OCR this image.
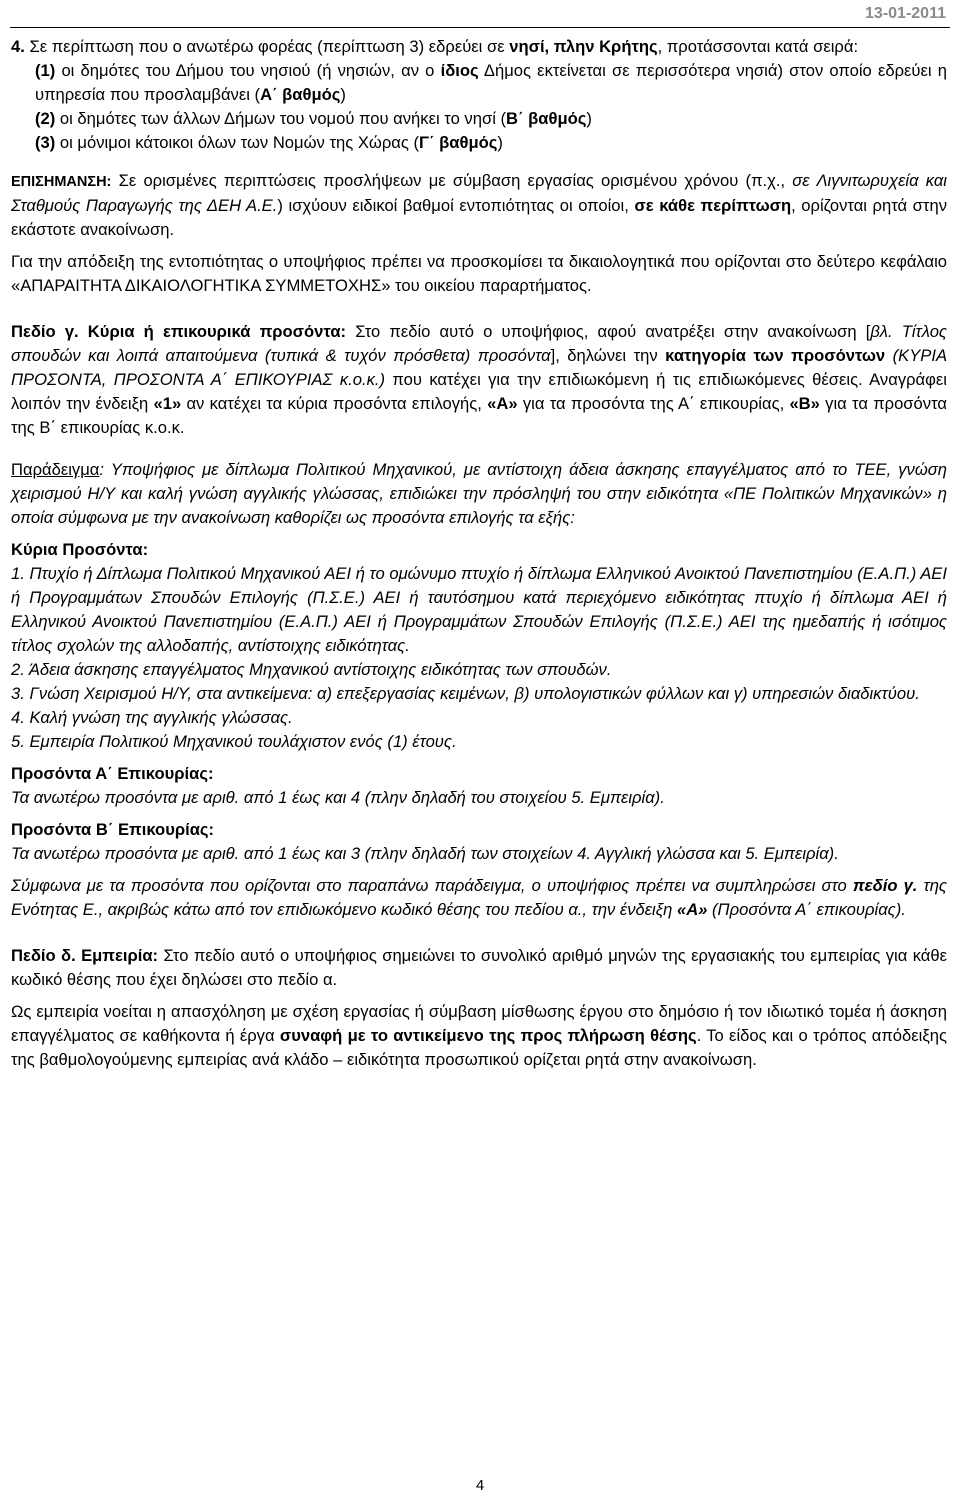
13-01-2011

4. Σε περίπτωση που ο ανωτέρω φορέας (περίπτωση 3) εδρεύει σε νησί, πλην Κρήτης, προτάσσονται κατά σειρά:

(1) οι δημότες του Δήμου του νησιού (ή νησιών, αν ο ίδιος Δήμος εκτείνεται σε περισσότερα νησιά) στον οποίο εδρεύει η υπηρεσία που προσλαμβάνει (Α΄ βαθμός)

(2) οι δημότες των άλλων Δήμων του νομού που ανήκει το νησί (Β΄ βαθμός)

(3) οι μόνιμοι κάτοικοι όλων των Νομών της Χώρας (Γ΄ βαθμός)

ΕΠΙΣΗΜΑΝΣΗ: Σε ορισμένες περιπτώσεις προσλήψεων με σύμβαση εργασίας ορισμένου χρόνου (π.χ., σε Λιγνιτωρυχεία και Σταθμούς Παραγωγής της ΔΕΗ Α.Ε.) ισχύουν ειδικοί βαθμοί εντοπιότητας οι οποίοι, σε κάθε περίπτωση, ορίζονται ρητά στην εκάστοτε ανακοίνωση.

Για την απόδειξη της εντοπιότητας ο υποψήφιος πρέπει να προσκομίσει τα δικαιολογητικά που ορίζονται στο δεύτερο κεφάλαιο «ΑΠΑΡΑΙΤΗΤΑ ΔΙΚΑΙΟΛΟΓΗΤΙΚΑ ΣΥΜΜΕΤΟΧΗΣ» του οικείου παραρτήματος.

Πεδίο γ. Κύρια ή επικουρικά προσόντα: Στο πεδίο αυτό ο υποψήφιος, αφού ανατρέξει στην ανακοίνωση [βλ. Τίτλος σπουδών και λοιπά απαιτούμενα (τυπικά & τυχόν πρόσθετα) προσόντα], δηλώνει την κατηγορία των προσόντων (ΚΥΡΙΑ ΠΡΟΣΟΝΤΑ, ΠΡΟΣΟΝΤΑ Α΄ ΕΠΙΚΟΥΡΙΑΣ κ.ο.κ.) που κατέχει για την επιδιωκόμενη ή τις επιδιωκόμενες θέσεις. Αναγράφει λοιπόν την ένδειξη «1» αν κατέχει τα κύρια προσόντα επιλογής, «Α» για τα προσόντα της Α΄ επικουρίας, «Β» για τα προσόντα της Β΄ επικουρίας κ.ο.κ.

Παράδειγμα: Υποψήφιος με δίπλωμα Πολιτικού Μηχανικού, με αντίστοιχη άδεια άσκησης επαγγέλματος από το ΤΕΕ, γνώση χειρισμού Η/Υ και καλή γνώση αγγλικής γλώσσας, επιδιώκει την πρόσληψή του στην ειδικότητα «ΠΕ Πολιτικών Μηχανικών» η οποία σύμφωνα με την ανακοίνωση καθορίζει ως προσόντα επιλογής τα εξής:

Κύρια Προσόντα:

1. Πτυχίο ή Δίπλωμα Πολιτικού Μηχανικού ΑΕΙ ή το ομώνυμο πτυχίο ή δίπλωμα Ελληνικού Ανοικτού Πανεπιστημίου (Ε.Α.Π.) ΑΕΙ ή Προγραμμάτων Σπουδών Επιλογής (Π.Σ.Ε.) ΑΕΙ ή ταυτόσημου κατά περιεχόμενο ειδικότητας πτυχίο ή δίπλωμα ΑΕΙ ή Ελληνικού Ανοικτού Πανεπιστημίου (Ε.Α.Π.) ΑΕΙ ή Προγραμμάτων Σπουδών Επιλογής (Π.Σ.Ε.) ΑΕΙ της ημεδαπής ή ισότιμος τίτλος σχολών της αλλοδαπής, αντίστοιχης ειδικότητας.

2. Άδεια άσκησης επαγγέλματος Μηχανικού αντίστοιχης ειδικότητας των σπουδών.

3. Γνώση Χειρισμού Η/Υ, στα αντικείμενα: α) επεξεργασίας κειμένων, β) υπολογιστικών φύλλων και γ) υπηρεσιών διαδικτύου.

4. Καλή γνώση της αγγλικής γλώσσας.

5. Εμπειρία Πολιτικού Μηχανικού τουλάχιστον ενός (1) έτους.

Προσόντα Α΄ Επικουρίας:

Τα ανωτέρω προσόντα με αριθ. από 1 έως και 4 (πλην δηλαδή του στοιχείου 5. Εμπειρία).

Προσόντα Β΄ Επικουρίας:

Τα ανωτέρω προσόντα με αριθ. από 1 έως και 3 (πλην δηλαδή των στοιχείων 4. Αγγλική γλώσσα και 5. Εμπειρία).

Σύμφωνα με τα προσόντα που ορίζονται στο παραπάνω παράδειγμα, ο υποψήφιος πρέπει να συμπληρώσει στο πεδίο γ. της Ενότητας Ε., ακριβώς κάτω από τον επιδιωκόμενο κωδικό θέσης του πεδίου α., την ένδειξη «Α» (Προσόντα Α΄ επικουρίας).

Πεδίο δ. Εμπειρία: Στο πεδίο αυτό ο υποψήφιος σημειώνει το συνολικό αριθμό μηνών της εργασιακής του εμπειρίας για κάθε κωδικό θέσης που έχει δηλώσει στο πεδίο α.

Ως εμπειρία νοείται η απασχόληση με σχέση εργασίας ή σύμβαση μίσθωσης έργου στο δημόσιο ή τον ιδιωτικό τομέα ή άσκηση επαγγέλματος σε καθήκοντα ή έργα συναφή με το αντικείμενο της προς πλήρωση θέσης. Το είδος και ο τρόπος απόδειξης της βαθμολογούμενης εμπειρίας ανά κλάδο – ειδικότητα προσωπικού ορίζεται ρητά στην ανακοίνωση.

4
